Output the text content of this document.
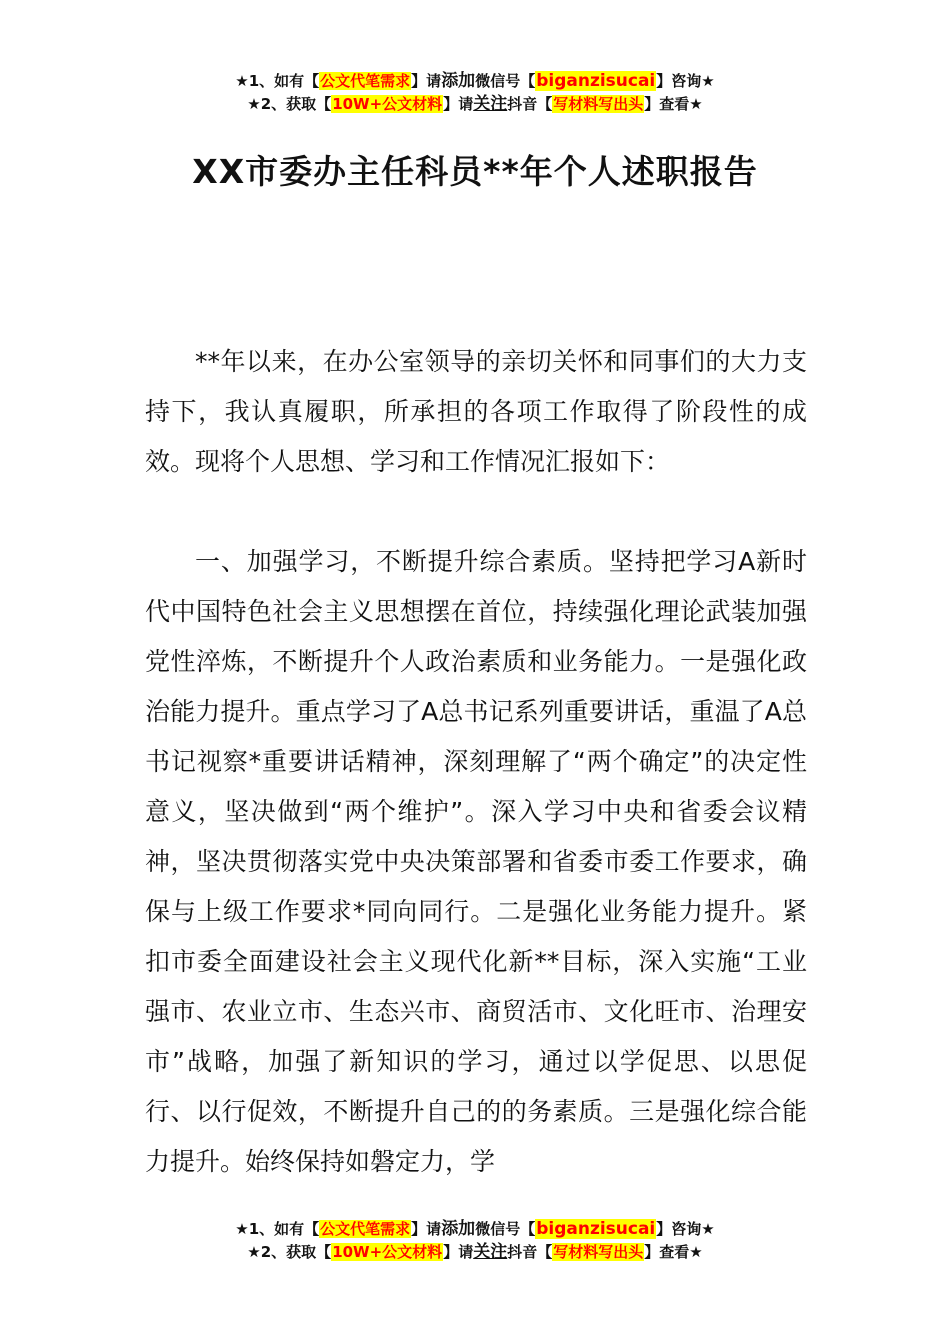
★1、如有【公文代笔需求】请添加微信号【biganzisucai】咨询★
★2、获取【10W+公文材料】请关注抖音【写材料写出头】查看★
XX市委办主任科员**年个人述职报告

**年以来，在办公室领导的亲切关怀和同事们的大力支持下，我认真履职，所承担的各项工作取得了阶段性的成效。现将个人思想、学习和工作情况汇报如下：

一、加强学习，不断提升综合素质。坚持把学习A新时代中国特色社会主义思想摆在首位，持续强化理论武装加强党性淬炼，不断提升个人政治素质和业务能力。一是强化政治能力提升。重点学习了A总书记系列重要讲话，重温了A总书记视察*重要讲话精神，深刻理解了“两个确定”的决定性意义，坚决做到“两个维护”。深入学习中央和省委会议精神，坚决贯彻落实党中央决策部署和省委市委工作要求，确保与上级工作要求*同向同行。二是强化业务能力提升。紧扣市委全面建设社会主义现代化新**目标，深入实施“工业强市、农业立市、生态兴市、商贸活市、文化旺市、治理安市”战略，加强了新知识的学习，通过以学促思、以思促行、以行促效，不断提升自己的的务素质。三是强化综合能力提升。始终保持如磐定力，学

★1、如有【公文代笔需求】请添加微信号【biganzisucai】咨询★
★2、获取【10W+公文材料】请关注抖音【写材料写出头】查看★
